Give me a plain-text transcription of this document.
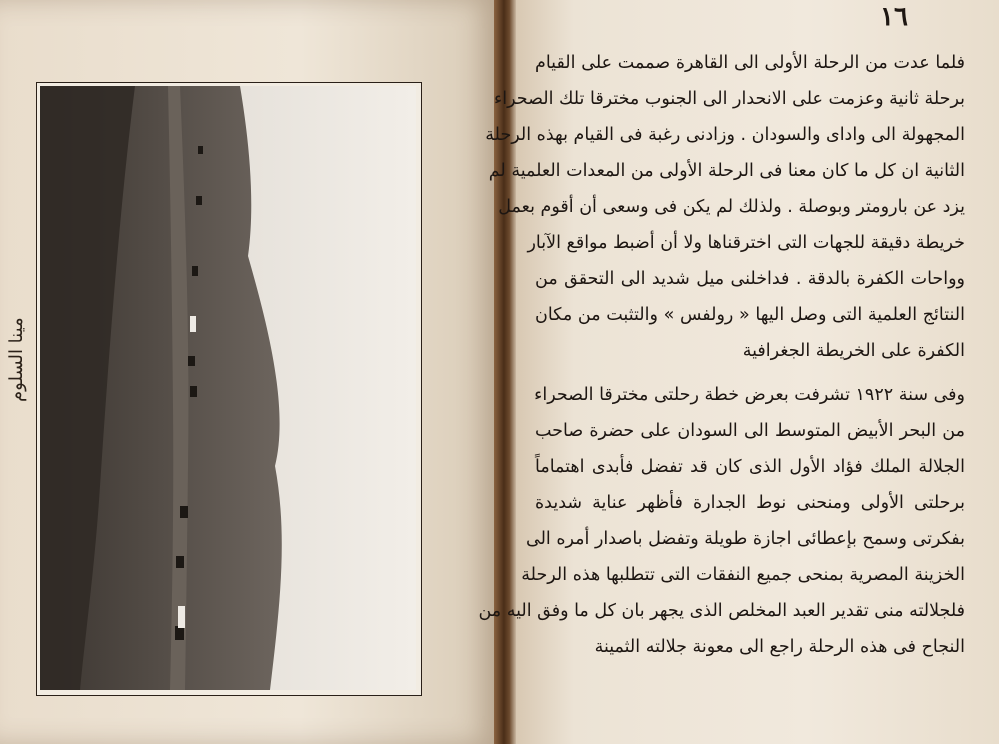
مينا السلوم
١٦
فلما عدت من الرحلة الأولى الى القاهرة صممت على القيام
برحلة ثانية وعزمت على الانحدار الى الجنوب مخترقا تلك الصحراء
المجهولة الى واداى والسودان . وزادنى رغبة فى القيام بهذه الرحلة
الثانية ان كل ما كان معنا فى الرحلة الأولى من المعدات العلمية لم
يزد عن بارومتر وبوصلة . ولذلك لم يكن فى وسعى أن أقوم بعمل
خريطة دقيقة للجهات التى اخترقناها ولا أن أضبط مواقع الآبار
وواحات الكفرة بالدقة . فداخلنى ميل شديد الى التحقق من
النتائج العلمية التى وصل اليها « رولفس » والتثبت من مكان
الكفرة على الخريطة الجغرافية
وفى سنة ١٩٢٢ تشرفت بعرض خطة رحلتى مخترقا الصحراء
من البحر الأبيض المتوسط الى السودان على حضرة صاحب
الجلالة الملك فؤاد الأول الذى كان قد تفضل فأبدى اهتماماً
برحلتى الأولى ومنحنى نوط الجدارة فأظهر عناية شديدة
بفكرتى وسمح بإعطائى اجازة طويلة وتفضل باصدار أمره الى
الخزينة المصرية بمنحى جميع النفقات التى تتطلبها هذه الرحلة
فلجلالته منى تقدير العبد المخلص الذى يجهر بان كل ما وفق اليه من
النجاح فى هذه الرحلة راجع الى معونة جلالته الثمينة
